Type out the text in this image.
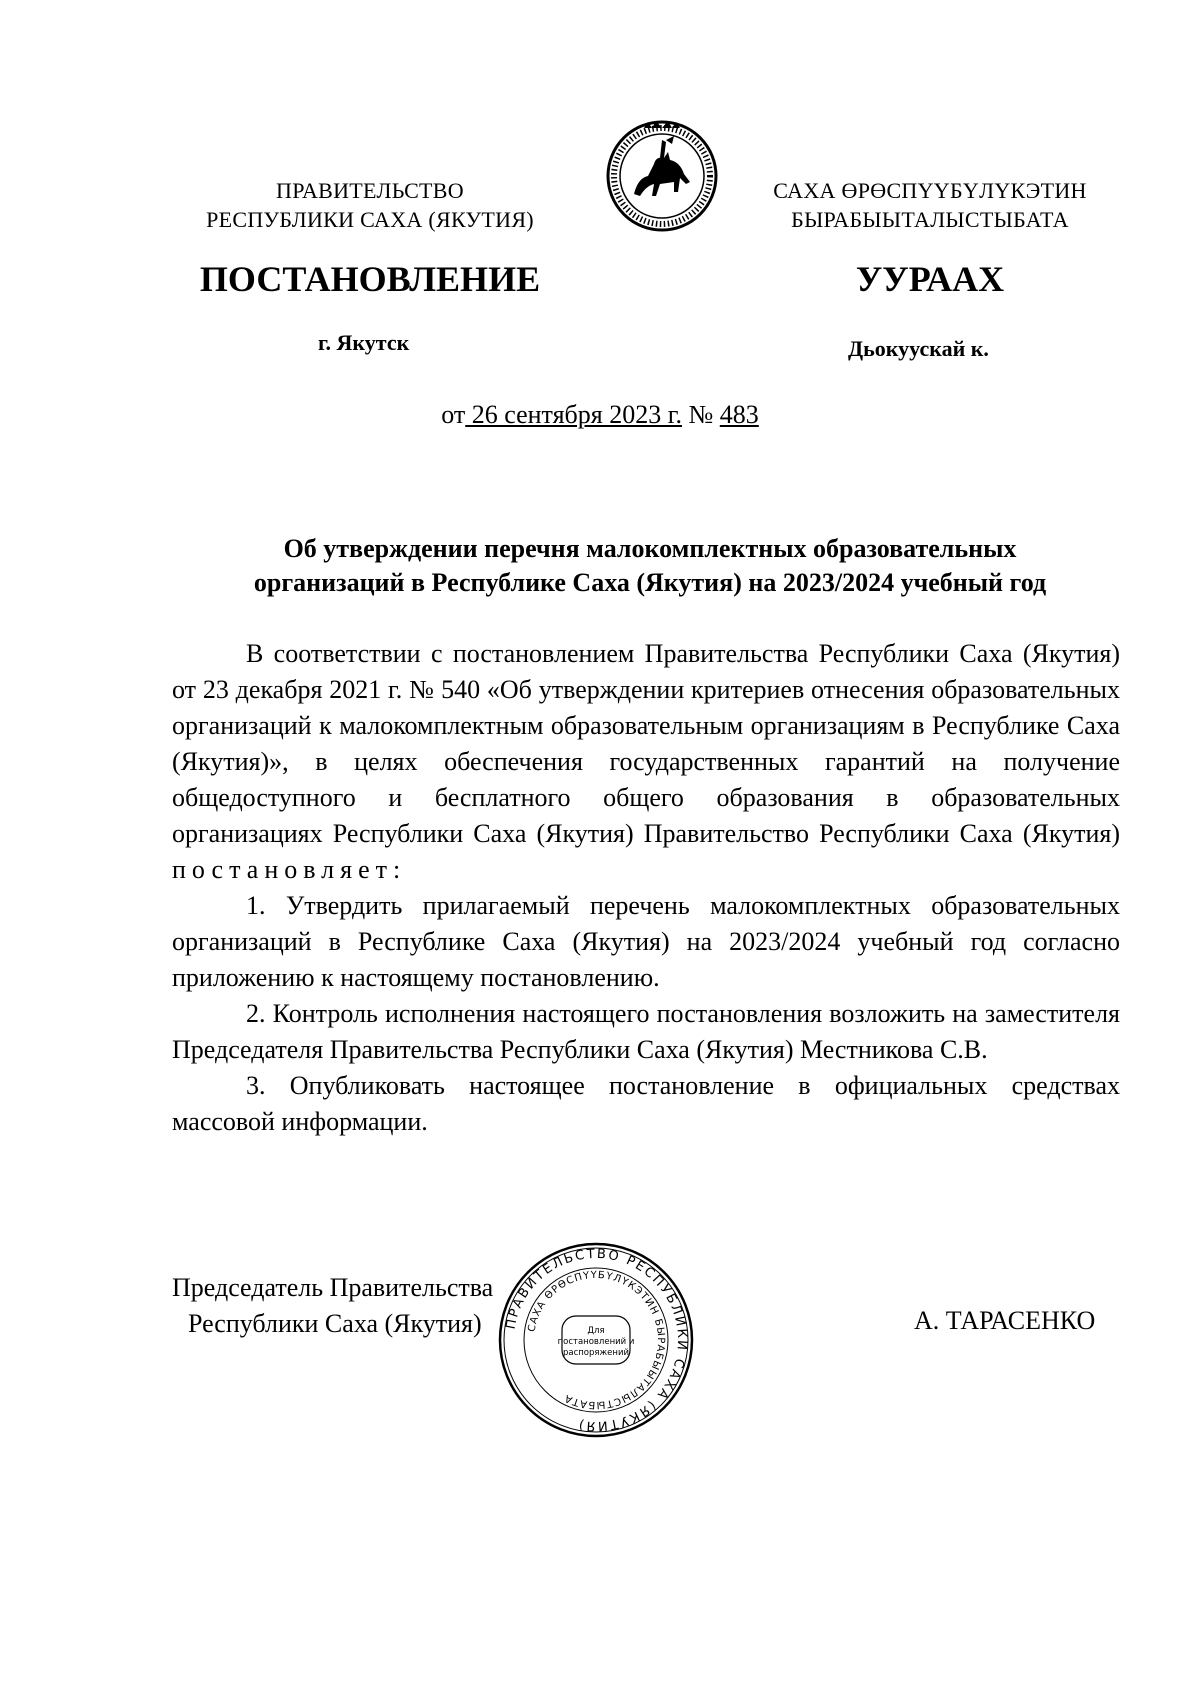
ПРАВИТЕЛЬСТВО
РЕСПУБЛИКИ САХА (ЯКУТИЯ)
САХА ӨРӨСПҮҮБҮЛҮКЭТИН
БЫРАБЫЫТАЛЫСТЫБАТА
ПОСТАНОВЛЕНИЕ	УУРААХ
г. Якутск	Дьокуускай к.
от 26 сентября 2023 г. № 483
Об утверждении перечня малокомплектных образовательных
организаций в Республике Саха (Якутия) на 2023/2024 учебный год

В соответствии с постановлением Правительства Республики Саха (Якутия) от 23 декабря 2021 г. № 540 «Об утверждении критериев отнесения образовательных организаций к малокомплектным образовательным организациям в Республике Саха (Якутия)», в целях обеспечения государственных гарантий на получение общедоступного и бесплатного общего образования в образовательных организациях Республики Саха (Якутия) Правительство Республики Саха (Якутия) постановляет:

1. Утвердить прилагаемый перечень малокомплектных образовательных организаций в Республике Саха (Якутия) на 2023/2024 учебный год согласно приложению к настоящему постановлению.

2. Контроль исполнения настоящего постановления возложить на заместителя Председателя Правительства Республики Саха (Якутия) Местникова С.В.

3. Опубликовать настоящее постановление в официальных средствах массовой информации.

Председатель Правительства
Республики Саха (Якутия)	А. ТАРАСЕНКО
ПРАВИТЕЛЬСТВО РЕСПУБЛИКИ САХА (ЯКУТИЯ)
САХА ӨРӨСПҮҮБҮЛҮКЭТИН БЫРАБЫЫТАЛЫСТЫБАТА
Для
постановлений и
распоряжений
